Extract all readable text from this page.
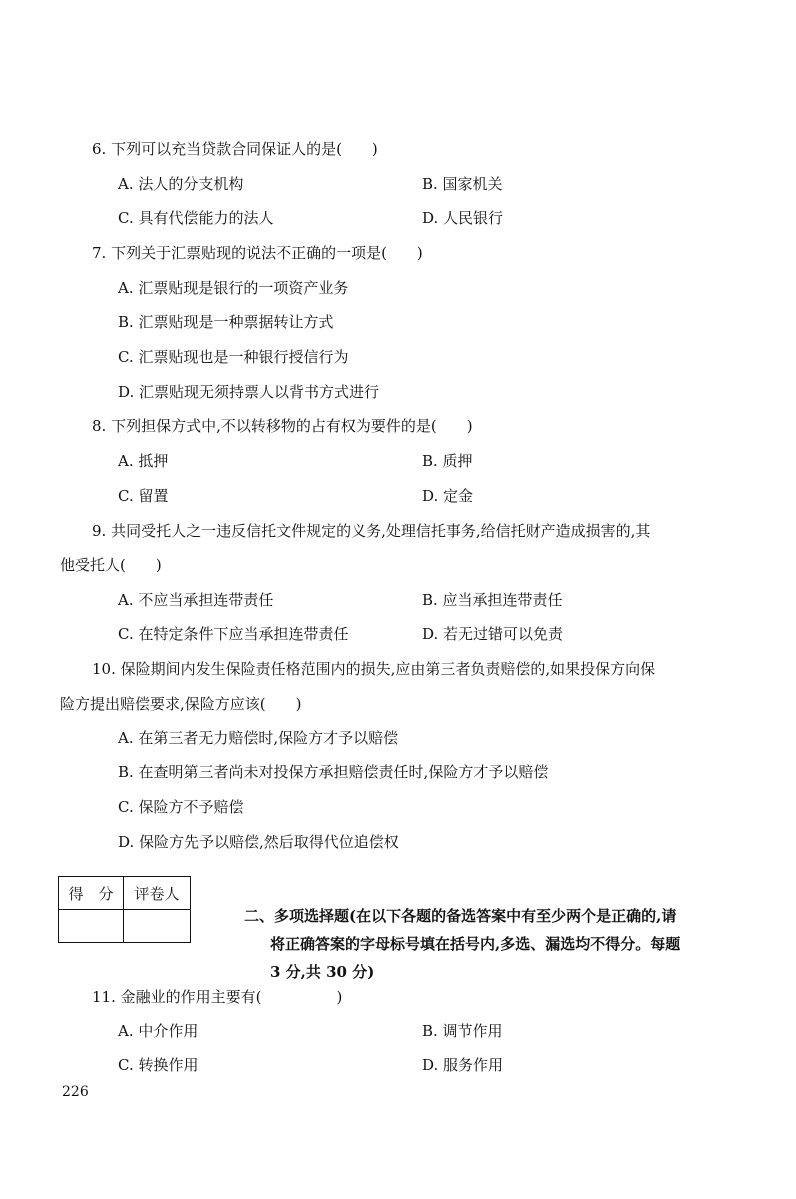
6. 下列可以充当贷款合同保证人的是(　　)
A. 法人的分支机构	B. 国家机关
C. 具有代偿能力的法人	D. 人民银行
7. 下列关于汇票贴现的说法不正确的一项是(　　)
A. 汇票贴现是银行的一项资产业务
B. 汇票贴现是一种票据转让方式
C. 汇票贴现也是一种银行授信行为
D. 汇票贴现无须持票人以背书方式进行
8. 下列担保方式中,不以转移物的占有权为要件的是(　　)
A. 抵押	B. 质押
C. 留置	D. 定金
9. 共同受托人之一违反信托文件规定的义务,处理信托事务,给信托财产造成损害的,其
他受托人(　　)
A. 不应当承担连带责任	B. 应当承担连带责任
C. 在特定条件下应当承担连带责任	D. 若无过错可以免责
10. 保险期间内发生保险责任格范围内的损失,应由第三者负责赔偿的,如果投保方向保
险方提出赔偿要求,保险方应该(　　)
A. 在第三者无力赔偿时,保险方才予以赔偿
B. 在查明第三者尚未对投保方承担赔偿责任时,保险方才予以赔偿
C. 保险方不予赔偿
D. 保险方先予以赔偿,然后取得代位追偿权
得　分	评卷人

二、多项选择题(在以下各题的备选答案中有至少两个是正确的,请
将正确答案的字母标号填在括号内,多选、漏选均不得分。每题
3 分,共 30 分)
11. 金融业的作用主要有(　　　　　)
A. 中介作用	B. 调节作用
C. 转换作用	D. 服务作用
226
